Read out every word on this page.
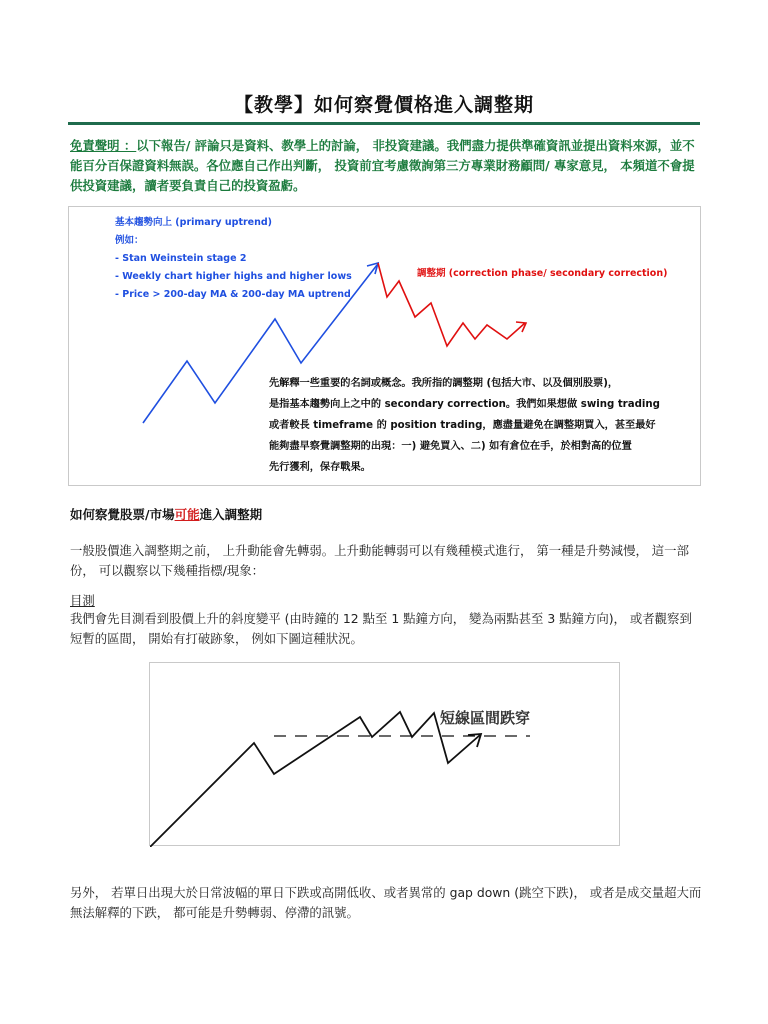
【教學】如何察覺價格進入調整期
免責聲明 ：以下報告/ 評論只是資料、教學上的討論， 非投資建議。我們盡力提供準確資訊並提出資料來源，並不能百分百保證資料無誤。各位應自己作出判斷， 投資前宜考慮徵詢第三方專業財務顧問/ 專家意見， 本頻道不會提供投資建議，讀者要負責自己的投資盈虧。
基本趨勢向上 (primary uptrend)
例如：
- Stan Weinstein stage 2
- Weekly chart higher highs and higher lows
- Price > 200-day MA & 200-day MA uptrend
調整期 (correction phase/ secondary correction)
先解釋一些重要的名詞或概念。我所指的調整期 (包括大市、以及個別股票)，
是指基本趨勢向上之中的 secondary correction。我們如果想做 swing trading
或者較長 timeframe 的 position trading，應盡量避免在調整期買入，甚至最好
能夠盡早察覺調整期的出現：一) 避免買入、二) 如有倉位在手，於相對高的位置
先行獲利，保存戰果。
如何察覺股票/市場可能進入調整期
一般股價進入調整期之前， 上升動能會先轉弱。上升動能轉弱可以有幾種模式進行， 第一種是升勢減慢， 這一部份， 可以觀察以下幾種指標/現象：
目測
我們會先目測看到股價上升的斜度變平 (由時鐘的 12 點至 1 點鐘方向， 變為兩點甚至 3 點鐘方向)， 或者觀察到短暫的區間， 開始有打破跡象， 例如下圖這種狀況。
短線區間跌穿
另外， 若單日出現大於日常波幅的單日下跌或高開低收、或者異常的 gap down (跳空下跌)， 或者是成交量超大而無法解釋的下跌， 都可能是升勢轉弱、停滯的訊號。
